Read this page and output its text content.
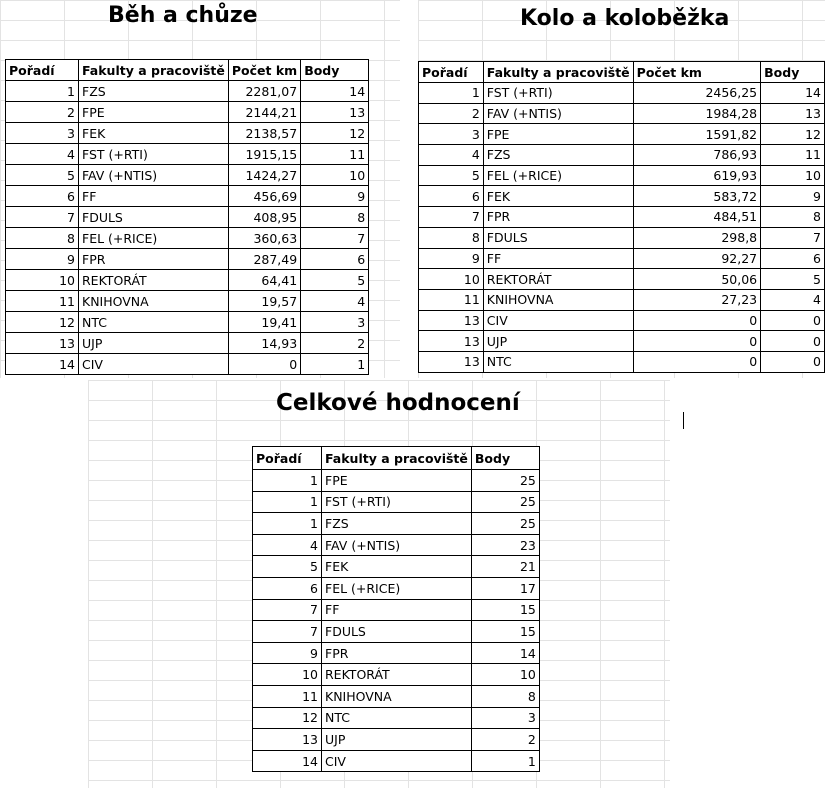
Běh a chůze
Pořadí	Fakulty a pracoviště	Počet km	Body
1	FZS	2281,07	14
2	FPE	2144,21	13
3	FEK	2138,57	12
4	FST (+RTI)	1915,15	11
5	FAV (+NTIS)	1424,27	10
6	FF	456,69	9
7	FDULS	408,95	8
8	FEL (+RICE)	360,63	7
9	FPR	287,49	6
10	REKTORÁT	64,41	5
11	KNIHOVNA	19,57	4
12	NTC	19,41	3
13	UJP	14,93	2
14	CIV	0	1
Kolo a koloběžka
Pořadí	Fakulty a pracoviště	Počet km	Body
1	FST (+RTI)	2456,25	14
2	FAV (+NTIS)	1984,28	13
3	FPE	1591,82	12
4	FZS	786,93	11
5	FEL (+RICE)	619,93	10
6	FEK	583,72	9
7	FPR	484,51	8
8	FDULS	298,8	7
9	FF	92,27	6
10	REKTORÁT	50,06	5
11	KNIHOVNA	27,23	4
13	CIV	0	0
13	UJP	0	0
13	NTC	0	0
Celkové hodnocení
Pořadí	Fakulty a pracoviště	Body
1	FPE	25
1	FST (+RTI)	25
1	FZS	25
4	FAV (+NTIS)	23
5	FEK	21
6	FEL (+RICE)	17
7	FF	15
7	FDULS	15
9	FPR	14
10	REKTORÁT	10
11	KNIHOVNA	8
12	NTC	3
13	UJP	2
14	CIV	1
